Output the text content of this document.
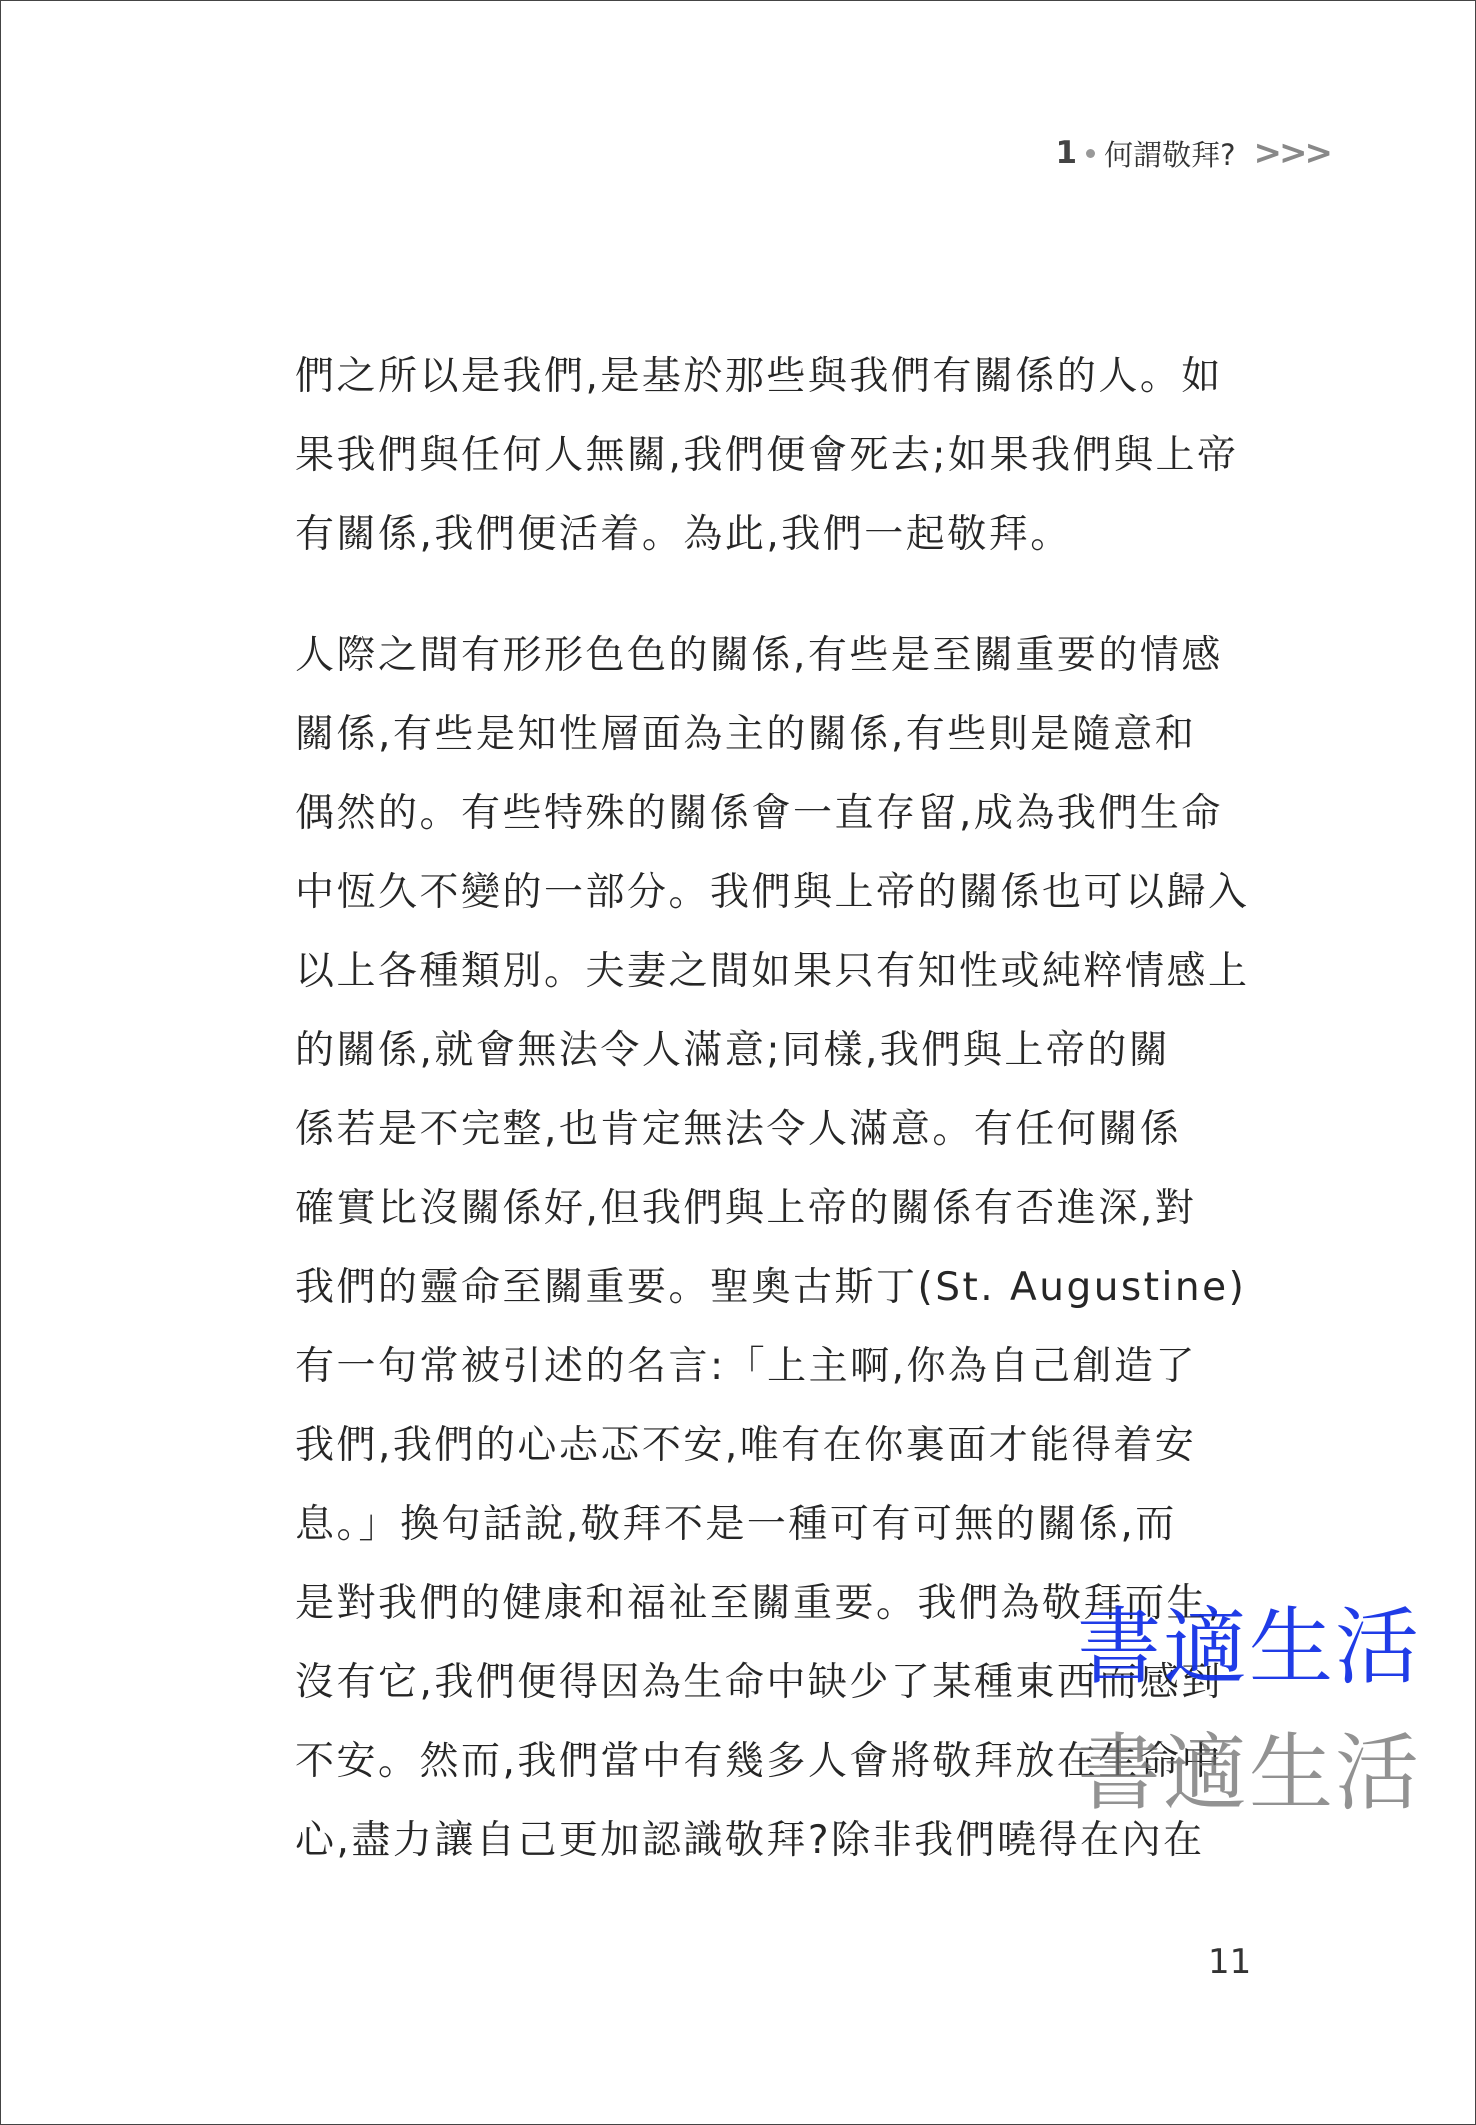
1 何謂敬拜? >>>
們之所以是我們,是基於那些與我們有關係的人。如
果我們與任何人無關,我們便會死去;如果我們與上帝
有關係,我們便活着。為此,我們一起敬拜。
人際之間有形形色色的關係,有些是至關重要的情感
關係,有些是知性層面為主的關係,有些則是隨意和
偶然的。有些特殊的關係會一直存留,成為我們生命
中恆久不變的一部分。我們與上帝的關係也可以歸入
以上各種類別。夫妻之間如果只有知性或純粹情感上
的關係,就會無法令人滿意;同樣,我們與上帝的關
係若是不完整,也肯定無法令人滿意。有任何關係
確實比沒關係好,但我們與上帝的關係有否進深,對
我們的靈命至關重要。聖奧古斯丁(St. Augustine)
有一句常被引述的名言:「上主啊,你為自己創造了
我們,我們的心忐忑不安,唯有在你裏面才能得着安
息。」換句話說,敬拜不是一種可有可無的關係,而
是對我們的健康和福祉至關重要。我們為敬拜而生,
沒有它,我們便得因為生命中缺少了某種東西而感到
不安。然而,我們當中有幾多人會將敬拜放在生命中
心,盡力讓自己更加認識敬拜?除非我們曉得在內在
11
書適生活
書適生活
